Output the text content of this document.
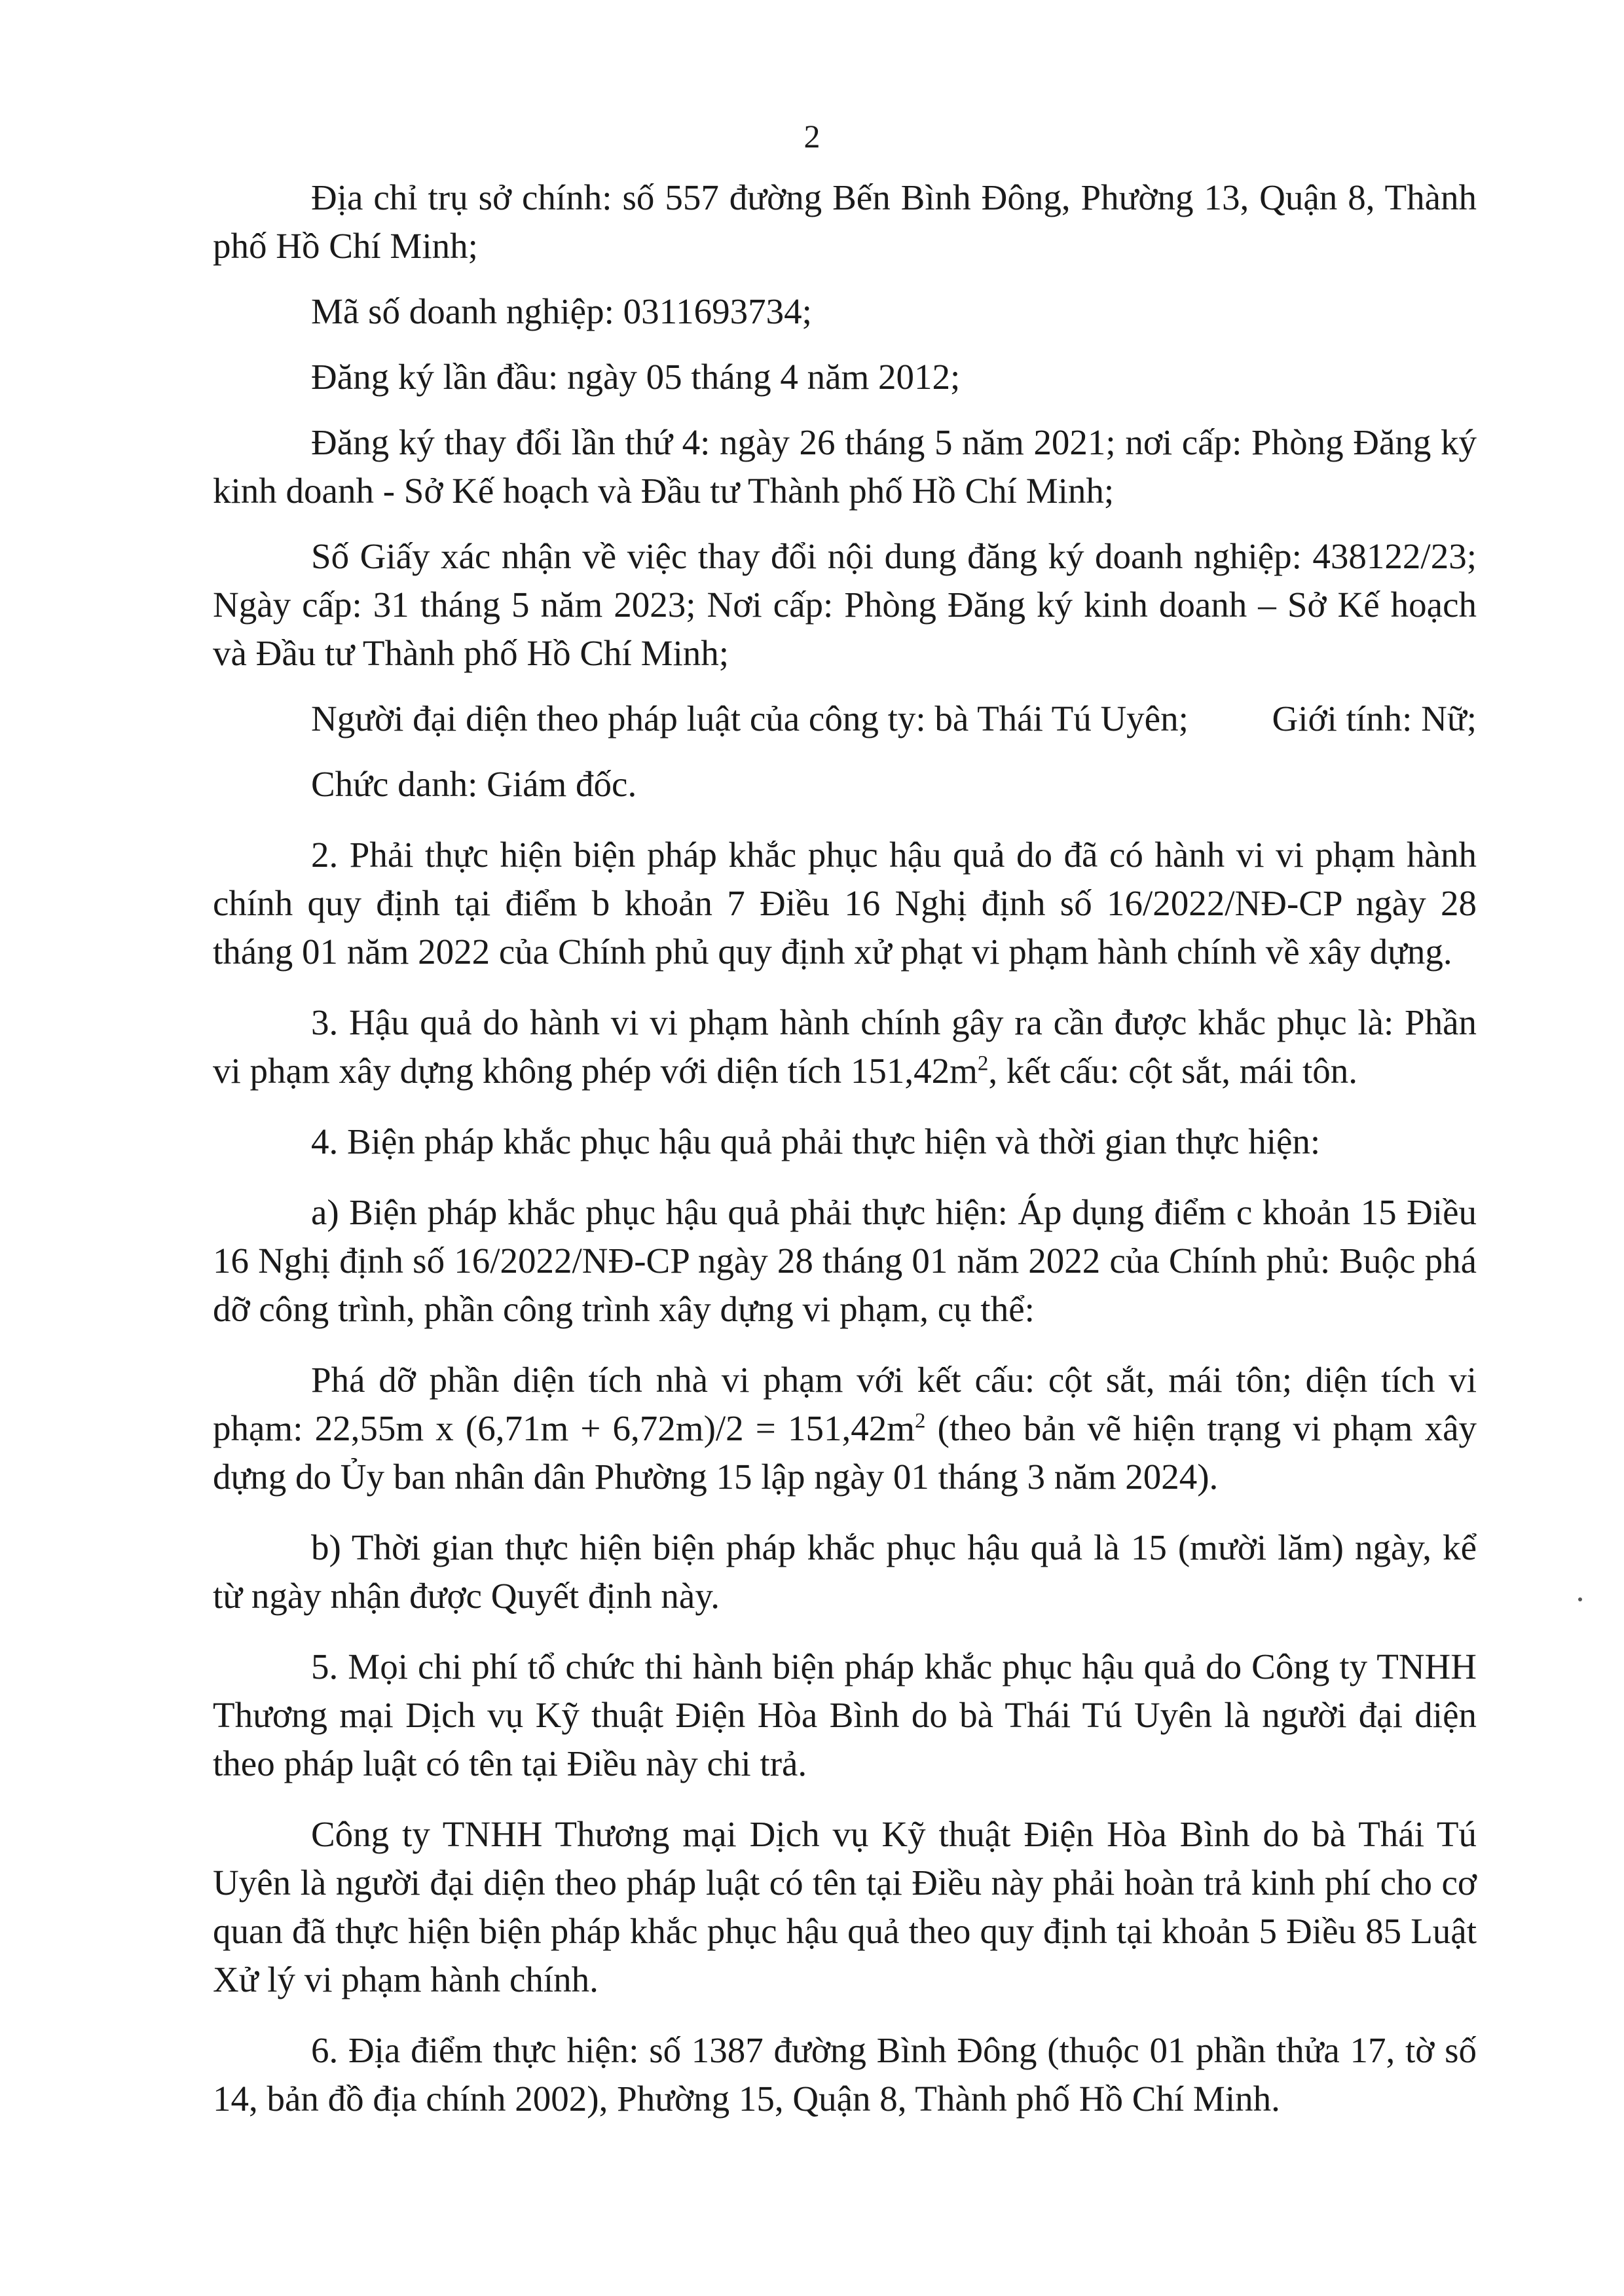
2

Địa chỉ trụ sở chính: số 557 đường Bến Bình Đông, Phường 13, Quận 8, Thành phố Hồ Chí Minh;

Mã số doanh nghiệp: 0311693734;

Đăng ký lần đầu: ngày 05 tháng 4 năm 2012;

Đăng ký thay đổi lần thứ 4: ngày 26 tháng 5 năm 2021; nơi cấp: Phòng Đăng ký kinh doanh - Sở Kế hoạch và Đầu tư Thành phố Hồ Chí Minh;

Số Giấy xác nhận về việc thay đổi nội dung đăng ký doanh nghiệp: 438122/23; Ngày cấp: 31 tháng 5 năm 2023; Nơi cấp: Phòng Đăng ký kinh doanh – Sở Kế hoạch và Đầu tư Thành phố Hồ Chí Minh;

Người đại diện theo pháp luật của công ty: bà Thái Tú Uyên; Giới tính: Nữ;

Chức danh: Giám đốc.

2. Phải thực hiện biện pháp khắc phục hậu quả do đã có hành vi vi phạm hành chính quy định tại điểm b khoản 7 Điều 16 Nghị định số 16/2022/NĐ-CP ngày 28 tháng 01 năm 2022 của Chính phủ quy định xử phạt vi phạm hành chính về xây dựng.

3. Hậu quả do hành vi vi phạm hành chính gây ra cần được khắc phục là: Phần vi phạm xây dựng không phép với diện tích $151,42m^2$, kết cấu: cột sắt, mái tôn.

4. Biện pháp khắc phục hậu quả phải thực hiện và thời gian thực hiện:

a) Biện pháp khắc phục hậu quả phải thực hiện: Áp dụng điểm c khoản 15 Điều 16 Nghị định số 16/2022/NĐ-CP ngày 28 tháng 01 năm 2022 của Chính phủ: Buộc phá dỡ công trình, phần công trình xây dựng vi phạm, cụ thể:

Phá dỡ phần diện tích nhà vi phạm với kết cấu: cột sắt, mái tôn; diện tích vi phạm: 22,55m x $(6,71m + 6,72m)/2 = 151,42m^2$ (theo bản vẽ hiện trạng vi phạm xây dựng do Ủy ban nhân dân Phường 15 lập ngày 01 tháng 3 năm 2024).

b) Thời gian thực hiện biện pháp khắc phục hậu quả là 15 (mười lăm) ngày, kể từ ngày nhận được Quyết định này.

5. Mọi chi phí tổ chức thi hành biện pháp khắc phục hậu quả do Công ty TNHH Thương mại Dịch vụ Kỹ thuật Điện Hòa Bình do bà Thái Tú Uyên là người đại diện theo pháp luật có tên tại Điều này chi trả.

Công ty TNHH Thương mại Dịch vụ Kỹ thuật Điện Hòa Bình do bà Thái Tú Uyên là người đại diện theo pháp luật có tên tại Điều này phải hoàn trả kinh phí cho cơ quan đã thực hiện biện pháp khắc phục hậu quả theo quy định tại khoản 5 Điều 85 Luật Xử lý vi phạm hành chính.

6. Địa điểm thực hiện: số 1387 đường Bình Đông (thuộc 01 phần thửa 17, tờ số 14, bản đồ địa chính 2002), Phường 15, Quận 8, Thành phố Hồ Chí Minh.
